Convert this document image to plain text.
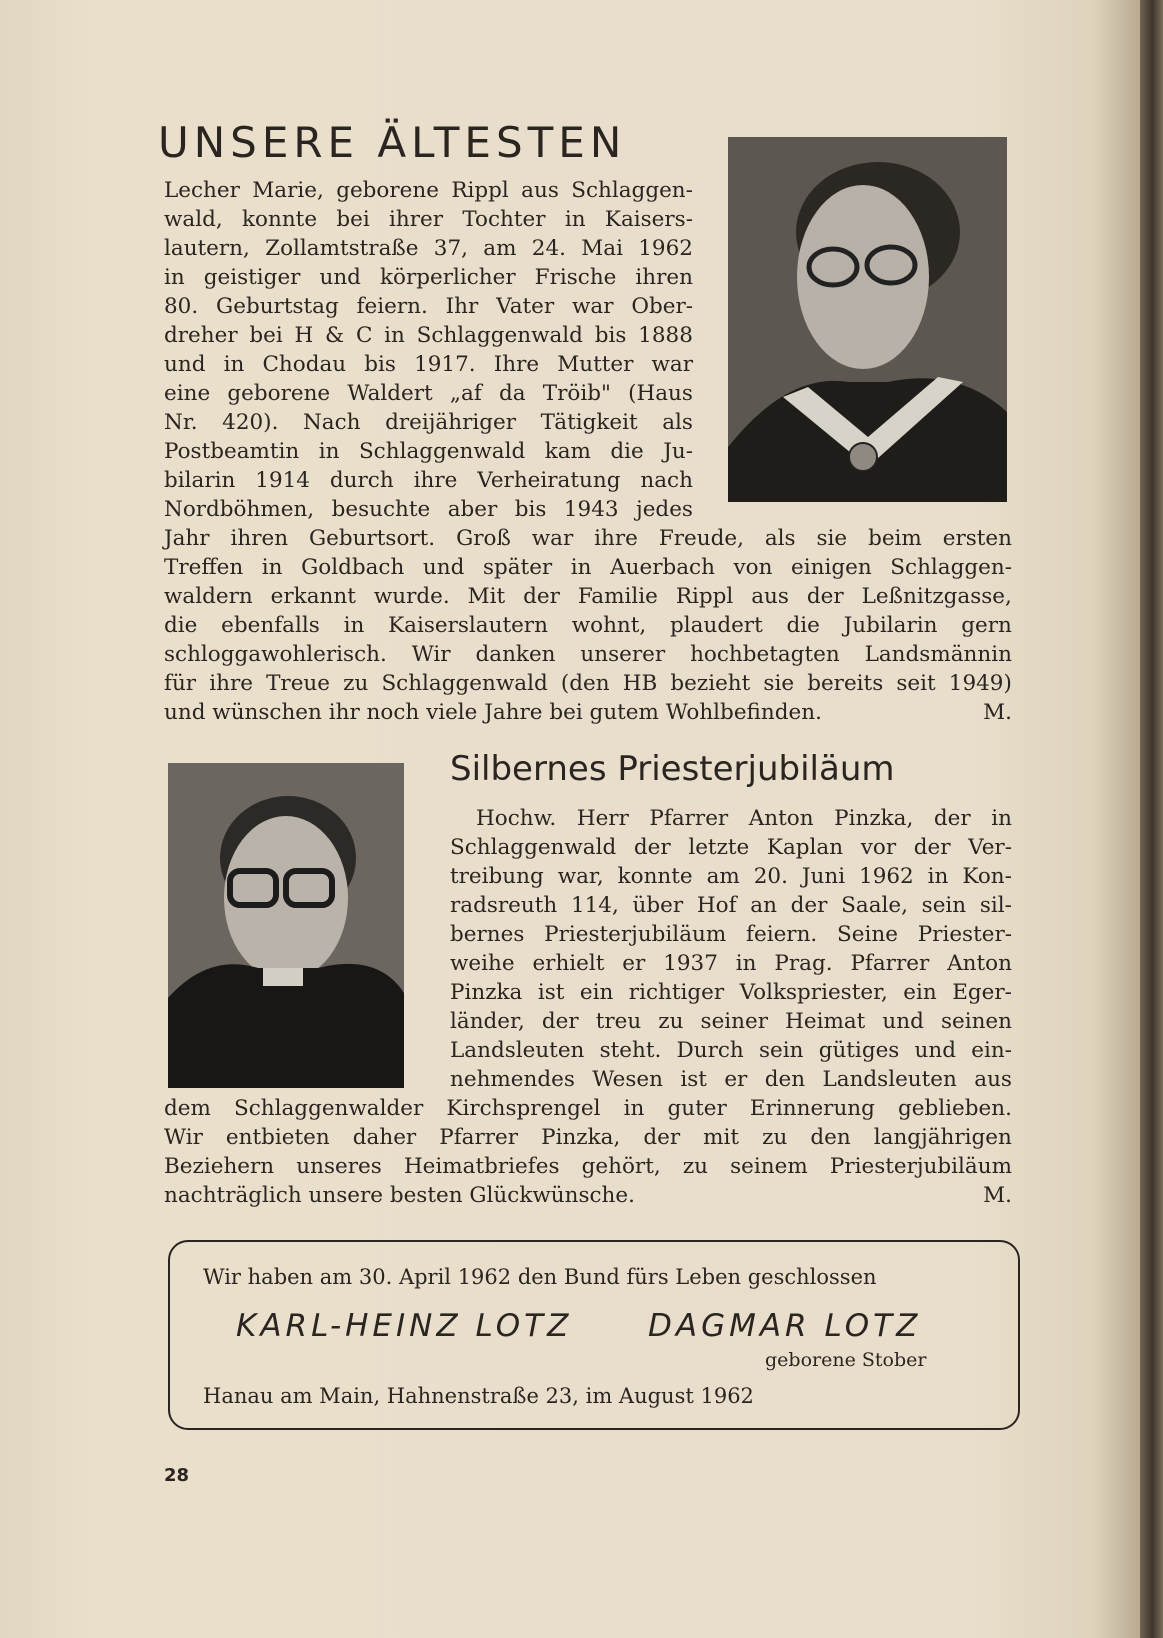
UNSERE ÄLTESTEN
Lecher Marie, geborene Rippl aus Schlaggen-
wald, konnte bei ihrer Tochter in Kaisers-
lautern, Zollamtstraße 37, am 24. Mai 1962
in geistiger und körperlicher Frische ihren
80. Geburtstag feiern. Ihr Vater war Ober-
dreher bei H & C in Schlaggenwald bis 1888
und in Chodau bis 1917. Ihre Mutter war
eine geborene Waldert „af da Tröib" (Haus
Nr. 420). Nach dreijähriger Tätigkeit als
Postbeamtin in Schlaggenwald kam die Ju-
bilarin 1914 durch ihre Verheiratung nach
Nordböhmen, besuchte aber bis 1943 jedes
Jahr ihren Geburtsort. Groß war ihre Freude, als sie beim ersten
Treffen in Goldbach und später in Auerbach von einigen Schlaggen-
waldern erkannt wurde. Mit der Familie Rippl aus der Leßnitzgasse,
die ebenfalls in Kaiserslautern wohnt, plaudert die Jubilarin gern
schloggawohlerisch. Wir danken unserer hochbetagten Landsmännin
für ihre Treue zu Schlaggenwald (den HB bezieht sie bereits seit 1949)
und wünschen ihr noch viele Jahre bei gutem Wohlbefinden.	M.
Silbernes Priesterjubiläum
Hochw. Herr Pfarrer Anton Pinzka, der in
Schlaggenwald der letzte Kaplan vor der Ver-
treibung war, konnte am 20. Juni 1962 in Kon-
radsreuth 114, über Hof an der Saale, sein sil-
bernes Priesterjubiläum feiern. Seine Priester-
weihe erhielt er 1937 in Prag. Pfarrer Anton
Pinzka ist ein richtiger Volkspriester, ein Eger-
länder, der treu zu seiner Heimat und seinen
Landsleuten steht. Durch sein gütiges und ein-
nehmendes Wesen ist er den Landsleuten aus
dem Schlaggenwalder Kirchsprengel in guter Erinnerung geblieben.
Wir entbieten daher Pfarrer Pinzka, der mit zu den langjährigen
Beziehern unseres Heimatbriefes gehört, zu seinem Priesterjubiläum
nachträglich unsere besten Glückwünsche.	M.
Wir haben am 30. April 1962 den Bund fürs Leben geschlossen
KARL-HEINZ LOTZ DAGMAR LOTZ
geborene Stober
Hanau am Main, Hahnenstraße 23, im August 1962
28
